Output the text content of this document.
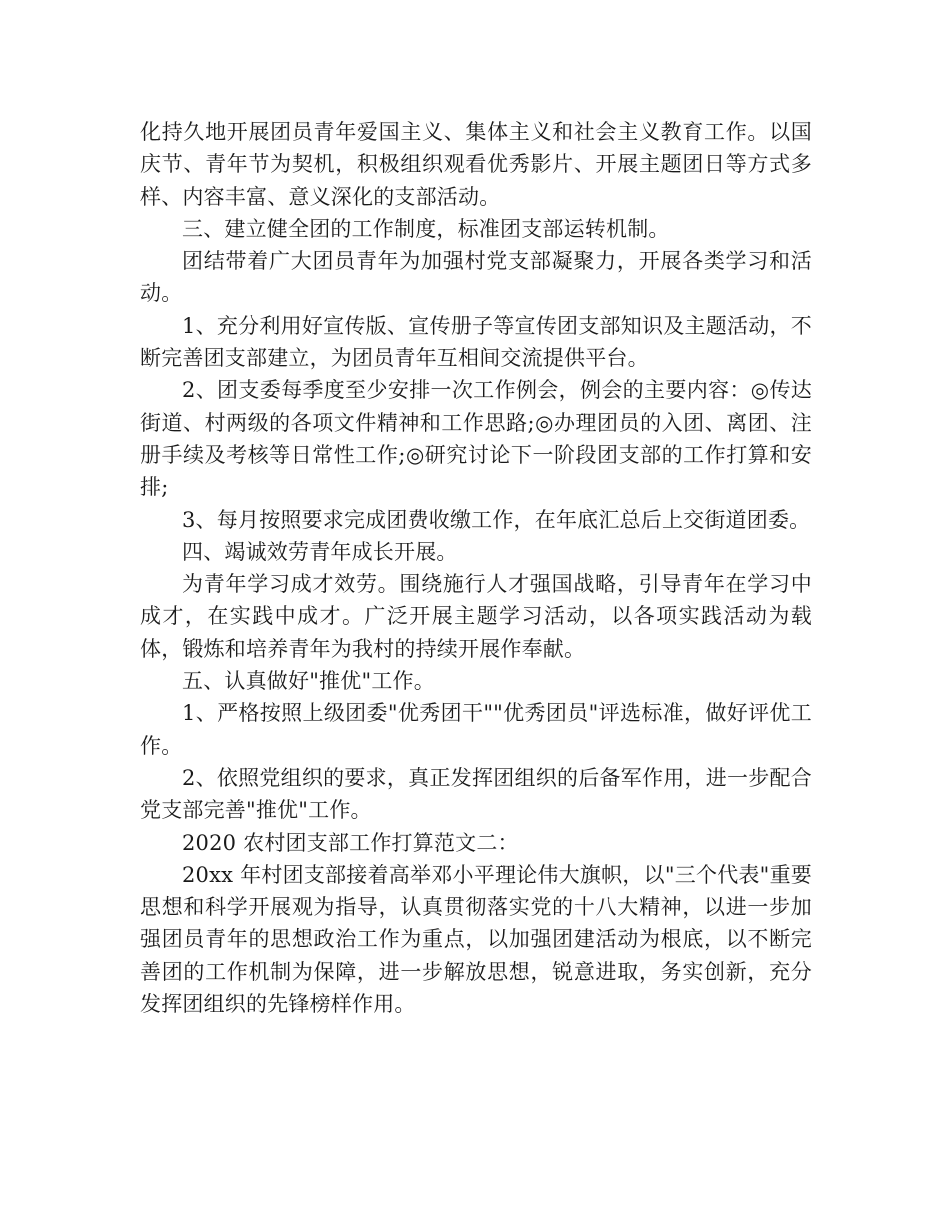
化持久地开展团员青年爱国主义、集体主义和社会主义教育工作。以国庆节、青年节为契机，积极组织观看优秀影片、开展主题团日等方式多样、内容丰富、意义深化的支部活动。

三、建立健全团的工作制度，标准团支部运转机制。

团结带着广大团员青年为加强村党支部凝聚力，开展各类学习和活动。

1、充分利用好宣传版、宣传册子等宣传团支部知识及主题活动，不断完善团支部建立，为团员青年互相间交流提供平台。

2、团支委每季度至少安排一次工作例会，例会的主要内容：◎传达街道、村两级的各项文件精神和工作思路;◎办理团员的入团、离团、注册手续及考核等日常性工作;◎研究讨论下一阶段团支部的工作打算和安排;

3、每月按照要求完成团费收缴工作，在年底汇总后上交街道团委。

四、竭诚效劳青年成长开展。

为青年学习成才效劳。围绕施行人才强国战略，引导青年在学习中成才，在实践中成才。广泛开展主题学习活动，以各项实践活动为载体，锻炼和培养青年为我村的持续开展作奉献。

五、认真做好"推优"工作。

1、严格按照上级团委"优秀团干""优秀团员"评选标准，做好评优工作。

2、依照党组织的要求，真正发挥团组织的后备军作用，进一步配合党支部完善"推优"工作。

2020 农村团支部工作打算范文二：

20xx 年村团支部接着高举邓小平理论伟大旗帜，以"三个代表"重要思想和科学开展观为指导，认真贯彻落实党的十八大精神，以进一步加强团员青年的思想政治工作为重点，以加强团建活动为根底，以不断完善团的工作机制为保障，进一步解放思想，锐意进取，务实创新，充分发挥团组织的先锋榜样作用。
